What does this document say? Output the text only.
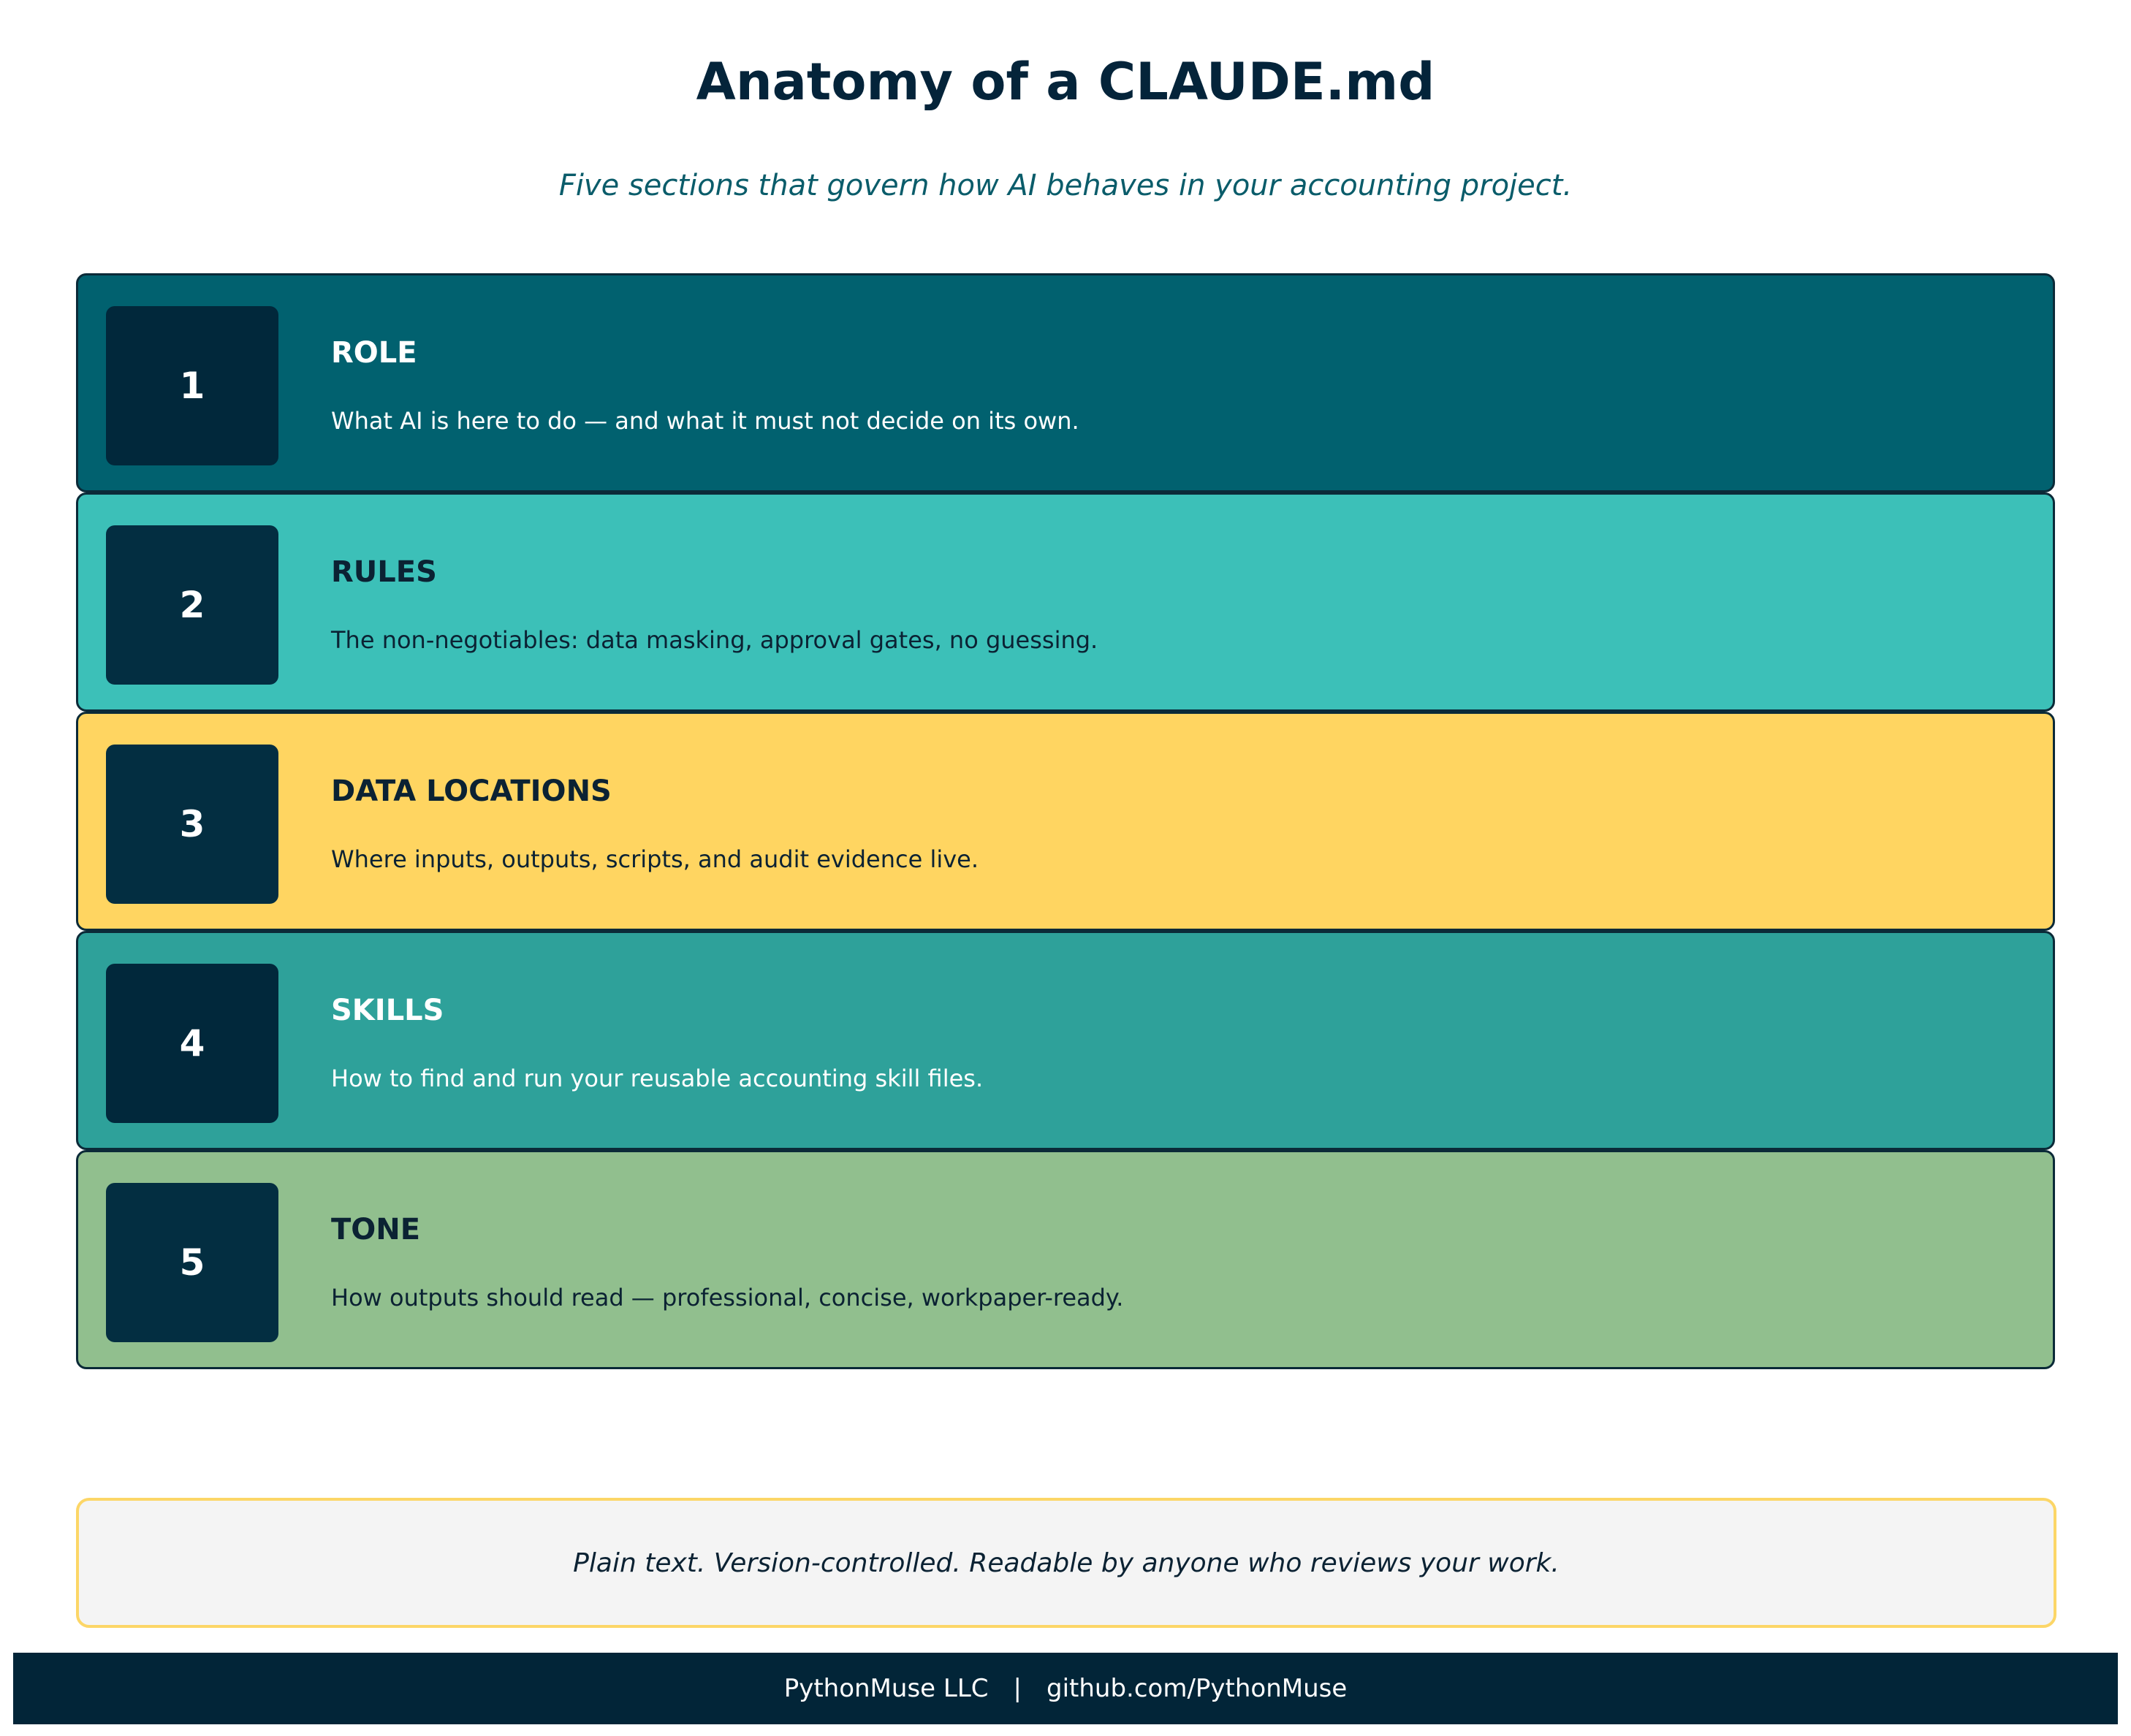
Anatomy of a CLAUDE.md
Five sections that govern how AI behaves in your accounting project.
1
ROLE
What AI is here to do — and what it must not decide on its own.
2
RULES
The non-negotiables: data masking, approval gates, no guessing.
3
DATA LOCATIONS
Where inputs, outputs, scripts, and audit evidence live.
4
SKILLS
How to find and run your reusable accounting skill files.
5
TONE
How outputs should read — professional, concise, workpaper-ready.
Plain text. Version-controlled. Readable by anyone who reviews your work.
PythonMuse LLC | github.com/PythonMuse
